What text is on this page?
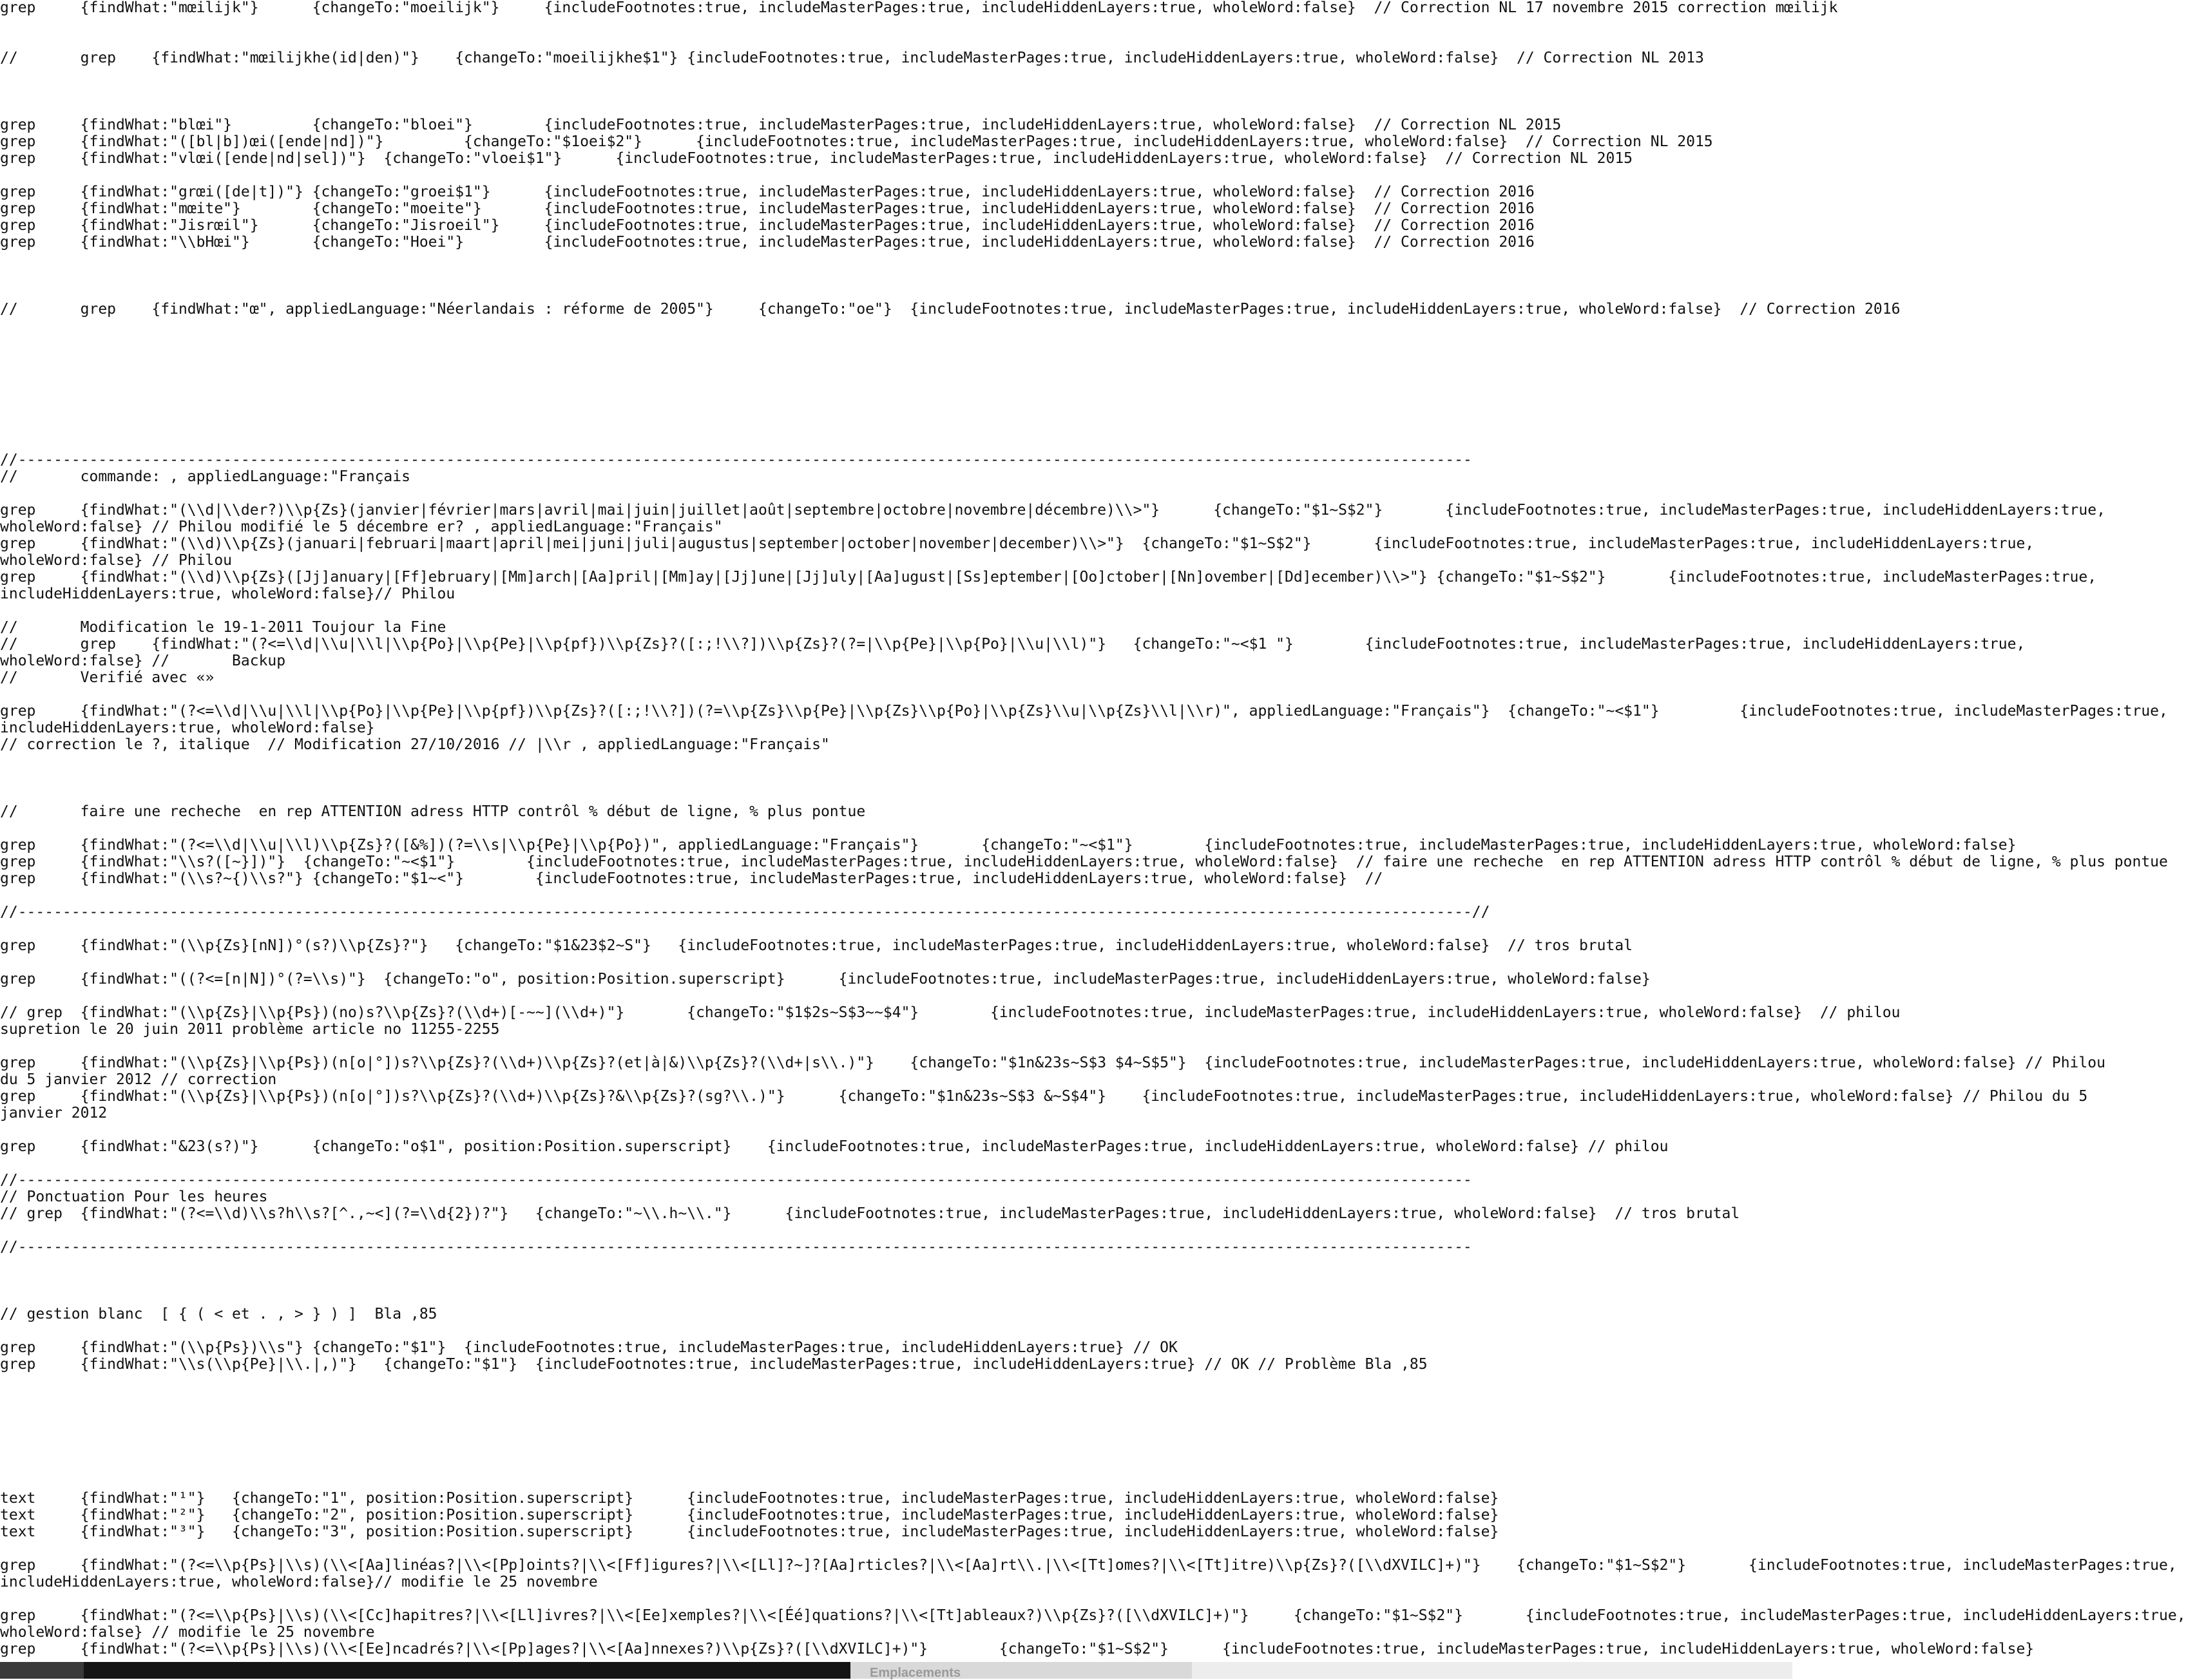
grep     {findWhat:"mœilijk"}      {changeTo:"moeilijk"}     {includeFootnotes:true, includeMasterPages:true, includeHiddenLayers:true, wholeWord:false}  // Correction NL 17 novembre 2015 correction mœilijk
//       grep    {findWhat:"mœilijkhe(id|den)"}    {changeTo:"moeilijkhe$1"} {includeFootnotes:true, includeMasterPages:true, includeHiddenLayers:true, wholeWord:false}  // Correction NL 2013
grep     {findWhat:"blœi"}         {changeTo:"bloei"}        {includeFootnotes:true, includeMasterPages:true, includeHiddenLayers:true, wholeWord:false}  // Correction NL 2015
grep     {findWhat:"([bl|b])œi([ende|nd])"}         {changeTo:"$1oei$2"}      {includeFootnotes:true, includeMasterPages:true, includeHiddenLayers:true, wholeWord:false}  // Correction NL 2015
grep     {findWhat:"vlœi([ende|nd|sel])"}  {changeTo:"vloei$1"}      {includeFootnotes:true, includeMasterPages:true, includeHiddenLayers:true, wholeWord:false}  // Correction NL 2015
grep     {findWhat:"grœi([de|t])"} {changeTo:"groei$1"}      {includeFootnotes:true, includeMasterPages:true, includeHiddenLayers:true, wholeWord:false}  // Correction 2016
grep     {findWhat:"mœite"}        {changeTo:"moeite"}       {includeFootnotes:true, includeMasterPages:true, includeHiddenLayers:true, wholeWord:false}  // Correction 2016
grep     {findWhat:"Jisrœil"}      {changeTo:"Jisroeil"}     {includeFootnotes:true, includeMasterPages:true, includeHiddenLayers:true, wholeWord:false}  // Correction 2016
grep     {findWhat:"\\bHœi"}       {changeTo:"Hoei"}         {includeFootnotes:true, includeMasterPages:true, includeHiddenLayers:true, wholeWord:false}  // Correction 2016
//       grep    {findWhat:"œ", appliedLanguage:"Néerlandais : réforme de 2005"}     {changeTo:"oe"}  {includeFootnotes:true, includeMasterPages:true, includeHiddenLayers:true, wholeWord:false}  // Correction 2016
//-------------------------------------------------------------------------------------------------------------------------------------------------------------------
//       commande: , appliedLanguage:"Français
grep     {findWhat:"(\\d|\\der?)\\p{Zs}(janvier|février|mars|avril|mai|juin|juillet|août|septembre|octobre|novembre|décembre)\\>"}      {changeTo:"$1~S$2"}       {includeFootnotes:true, includeMasterPages:true, includeHiddenLayers:true,
wholeWord:false} // Philou modifié le 5 décembre er? , appliedLanguage:"Français"
grep     {findWhat:"(\\d)\\p{Zs}(januari|februari|maart|april|mei|juni|juli|augustus|september|october|november|december)\\>"}  {changeTo:"$1~S$2"}       {includeFootnotes:true, includeMasterPages:true, includeHiddenLayers:true,
wholeWord:false} // Philou
grep     {findWhat:"(\\d)\\p{Zs}([Jj]anuary|[Ff]ebruary|[Mm]arch|[Aa]pril|[Mm]ay|[Jj]une|[Jj]uly|[Aa]ugust|[Ss]eptember|[Oo]ctober|[Nn]ovember|[Dd]ecember)\\>"} {changeTo:"$1~S$2"}       {includeFootnotes:true, includeMasterPages:true,
includeHiddenLayers:true, wholeWord:false}// Philou
//       Modification le 19-1-2011 Toujour la Fine
//       grep    {findWhat:"(?<=\\d|\\u|\\l|\\p{Po}|\\p{Pe}|\\p{pf})\\p{Zs}?([:;!\\?])\\p{Zs}?(?=|\\p{Pe}|\\p{Po}|\\u|\\l)"}   {changeTo:"~<$1 "}        {includeFootnotes:true, includeMasterPages:true, includeHiddenLayers:true,
wholeWord:false} //       Backup
//       Verifié avec «»
grep     {findWhat:"(?<=\\d|\\u|\\l|\\p{Po}|\\p{Pe}|\\p{pf})\\p{Zs}?([:;!\\?])(?=\\p{Zs}\\p{Pe}|\\p{Zs}\\p{Po}|\\p{Zs}\\u|\\p{Zs}\\l|\\r)", appliedLanguage:"Français"}  {changeTo:"~<$1"}         {includeFootnotes:true, includeMasterPages:true,
includeHiddenLayers:true, wholeWord:false}
// correction le ?, italique  // Modification 27/10/2016 // |\\r , appliedLanguage:"Français"
//       faire une recheche  en rep ATTENTION adress HTTP contrôl % début de ligne, % plus pontue
grep     {findWhat:"(?<=\\d|\\u|\\l)\\p{Zs}?([&%])(?=\\s|\\p{Pe}|\\p{Po})", appliedLanguage:"Français"}       {changeTo:"~<$1"}        {includeFootnotes:true, includeMasterPages:true, includeHiddenLayers:true, wholeWord:false}
grep     {findWhat:"\\s?([~}])"}  {changeTo:"~<$1"}        {includeFootnotes:true, includeMasterPages:true, includeHiddenLayers:true, wholeWord:false}  // faire une recheche  en rep ATTENTION adress HTTP contrôl % début de ligne, % plus pontue
grep     {findWhat:"(\\s?~{)\\s?"} {changeTo:"$1~<"}        {includeFootnotes:true, includeMasterPages:true, includeHiddenLayers:true, wholeWord:false}  //
//-------------------------------------------------------------------------------------------------------------------------------------------------------------------//
grep     {findWhat:"(\\p{Zs}[nN])°(s?)\\p{Zs}?"}   {changeTo:"$1&23$2~S"}   {includeFootnotes:true, includeMasterPages:true, includeHiddenLayers:true, wholeWord:false}  // tros brutal
grep     {findWhat:"((?<=[n|N])°(?=\\s)"}  {changeTo:"o", position:Position.superscript}      {includeFootnotes:true, includeMasterPages:true, includeHiddenLayers:true, wholeWord:false}
// grep  {findWhat:"(\\p{Zs}|\\p{Ps})(no)s?\\p{Zs}?(\\d+)[-~~](\\d+)"}       {changeTo:"$1$2s~S$3~~$4"}        {includeFootnotes:true, includeMasterPages:true, includeHiddenLayers:true, wholeWord:false}  // philou
supretion le 20 juin 2011 problème article no 11255-2255
grep     {findWhat:"(\\p{Zs}|\\p{Ps})(n[o|°])s?\\p{Zs}?(\\d+)\\p{Zs}?(et|à|&)\\p{Zs}?(\\d+|s\\.)"}    {changeTo:"$1n&23s~S$3 $4~S$5"}  {includeFootnotes:true, includeMasterPages:true, includeHiddenLayers:true, wholeWord:false} // Philou
du 5 janvier 2012 // correction
grep     {findWhat:"(\\p{Zs}|\\p{Ps})(n[o|°])s?\\p{Zs}?(\\d+)\\p{Zs}?&\\p{Zs}?(sg?\\.)"}      {changeTo:"$1n&23s~S$3 &~S$4"}    {includeFootnotes:true, includeMasterPages:true, includeHiddenLayers:true, wholeWord:false} // Philou du 5
janvier 2012
grep     {findWhat:"&23(s?)"}      {changeTo:"o$1", position:Position.superscript}    {includeFootnotes:true, includeMasterPages:true, includeHiddenLayers:true, wholeWord:false} // philou
//-------------------------------------------------------------------------------------------------------------------------------------------------------------------
// Ponctuation Pour les heures
// grep  {findWhat:"(?<=\\d)\\s?h\\s?[^.,~<](?=\\d{2})?"}   {changeTo:"~\\.h~\\."}      {includeFootnotes:true, includeMasterPages:true, includeHiddenLayers:true, wholeWord:false}  // tros brutal
//-------------------------------------------------------------------------------------------------------------------------------------------------------------------
// gestion blanc  [ { ( < et . , > } ) ]  Bla ,85
grep     {findWhat:"(\\p{Ps})\\s"} {changeTo:"$1"}  {includeFootnotes:true, includeMasterPages:true, includeHiddenLayers:true} // OK
grep     {findWhat:"\\s(\\p{Pe}|\\.|,)"}   {changeTo:"$1"}  {includeFootnotes:true, includeMasterPages:true, includeHiddenLayers:true} // OK // Problème Bla ,85
text     {findWhat:"¹"}   {changeTo:"1", position:Position.superscript}      {includeFootnotes:true, includeMasterPages:true, includeHiddenLayers:true, wholeWord:false}
text     {findWhat:"²"}   {changeTo:"2", position:Position.superscript}      {includeFootnotes:true, includeMasterPages:true, includeHiddenLayers:true, wholeWord:false}
text     {findWhat:"³"}   {changeTo:"3", position:Position.superscript}      {includeFootnotes:true, includeMasterPages:true, includeHiddenLayers:true, wholeWord:false}
grep     {findWhat:"(?<=\\p{Ps}|\\s)(\\<[Aa]linéas?|\\<[Pp]oints?|\\<[Ff]igures?|\\<[Ll]?~]?[Aa]rticles?|\\<[Aa]rt\\.|\\<[Tt]omes?|\\<[Tt]itre)\\p{Zs}?([\\dXVILC]+)"}    {changeTo:"$1~S$2"}       {includeFootnotes:true, includeMasterPages:true,
includeHiddenLayers:true, wholeWord:false}// modifie le 25 novembre
grep     {findWhat:"(?<=\\p{Ps}|\\s)(\\<[Cc]hapitres?|\\<[Ll]ivres?|\\<[Ee]xemples?|\\<[Éé]quations?|\\<[Tt]ableaux?)\\p{Zs}?([\\dXVILC]+)"}     {changeTo:"$1~S$2"}       {includeFootnotes:true, includeMasterPages:true, includeHiddenLayers:true,
wholeWord:false} // modifie le 25 novembre
grep     {findWhat:"(?<=\\p{Ps}|\\s)(\\<[Ee]ncadrés?|\\<[Pp]ages?|\\<[Aa]nnexes?)\\p{Zs}?([\\dXVILC]+)"}        {changeTo:"$1~S$2"}      {includeFootnotes:true, includeMasterPages:true, includeHiddenLayers:true, wholeWord:false}
Emplacements
